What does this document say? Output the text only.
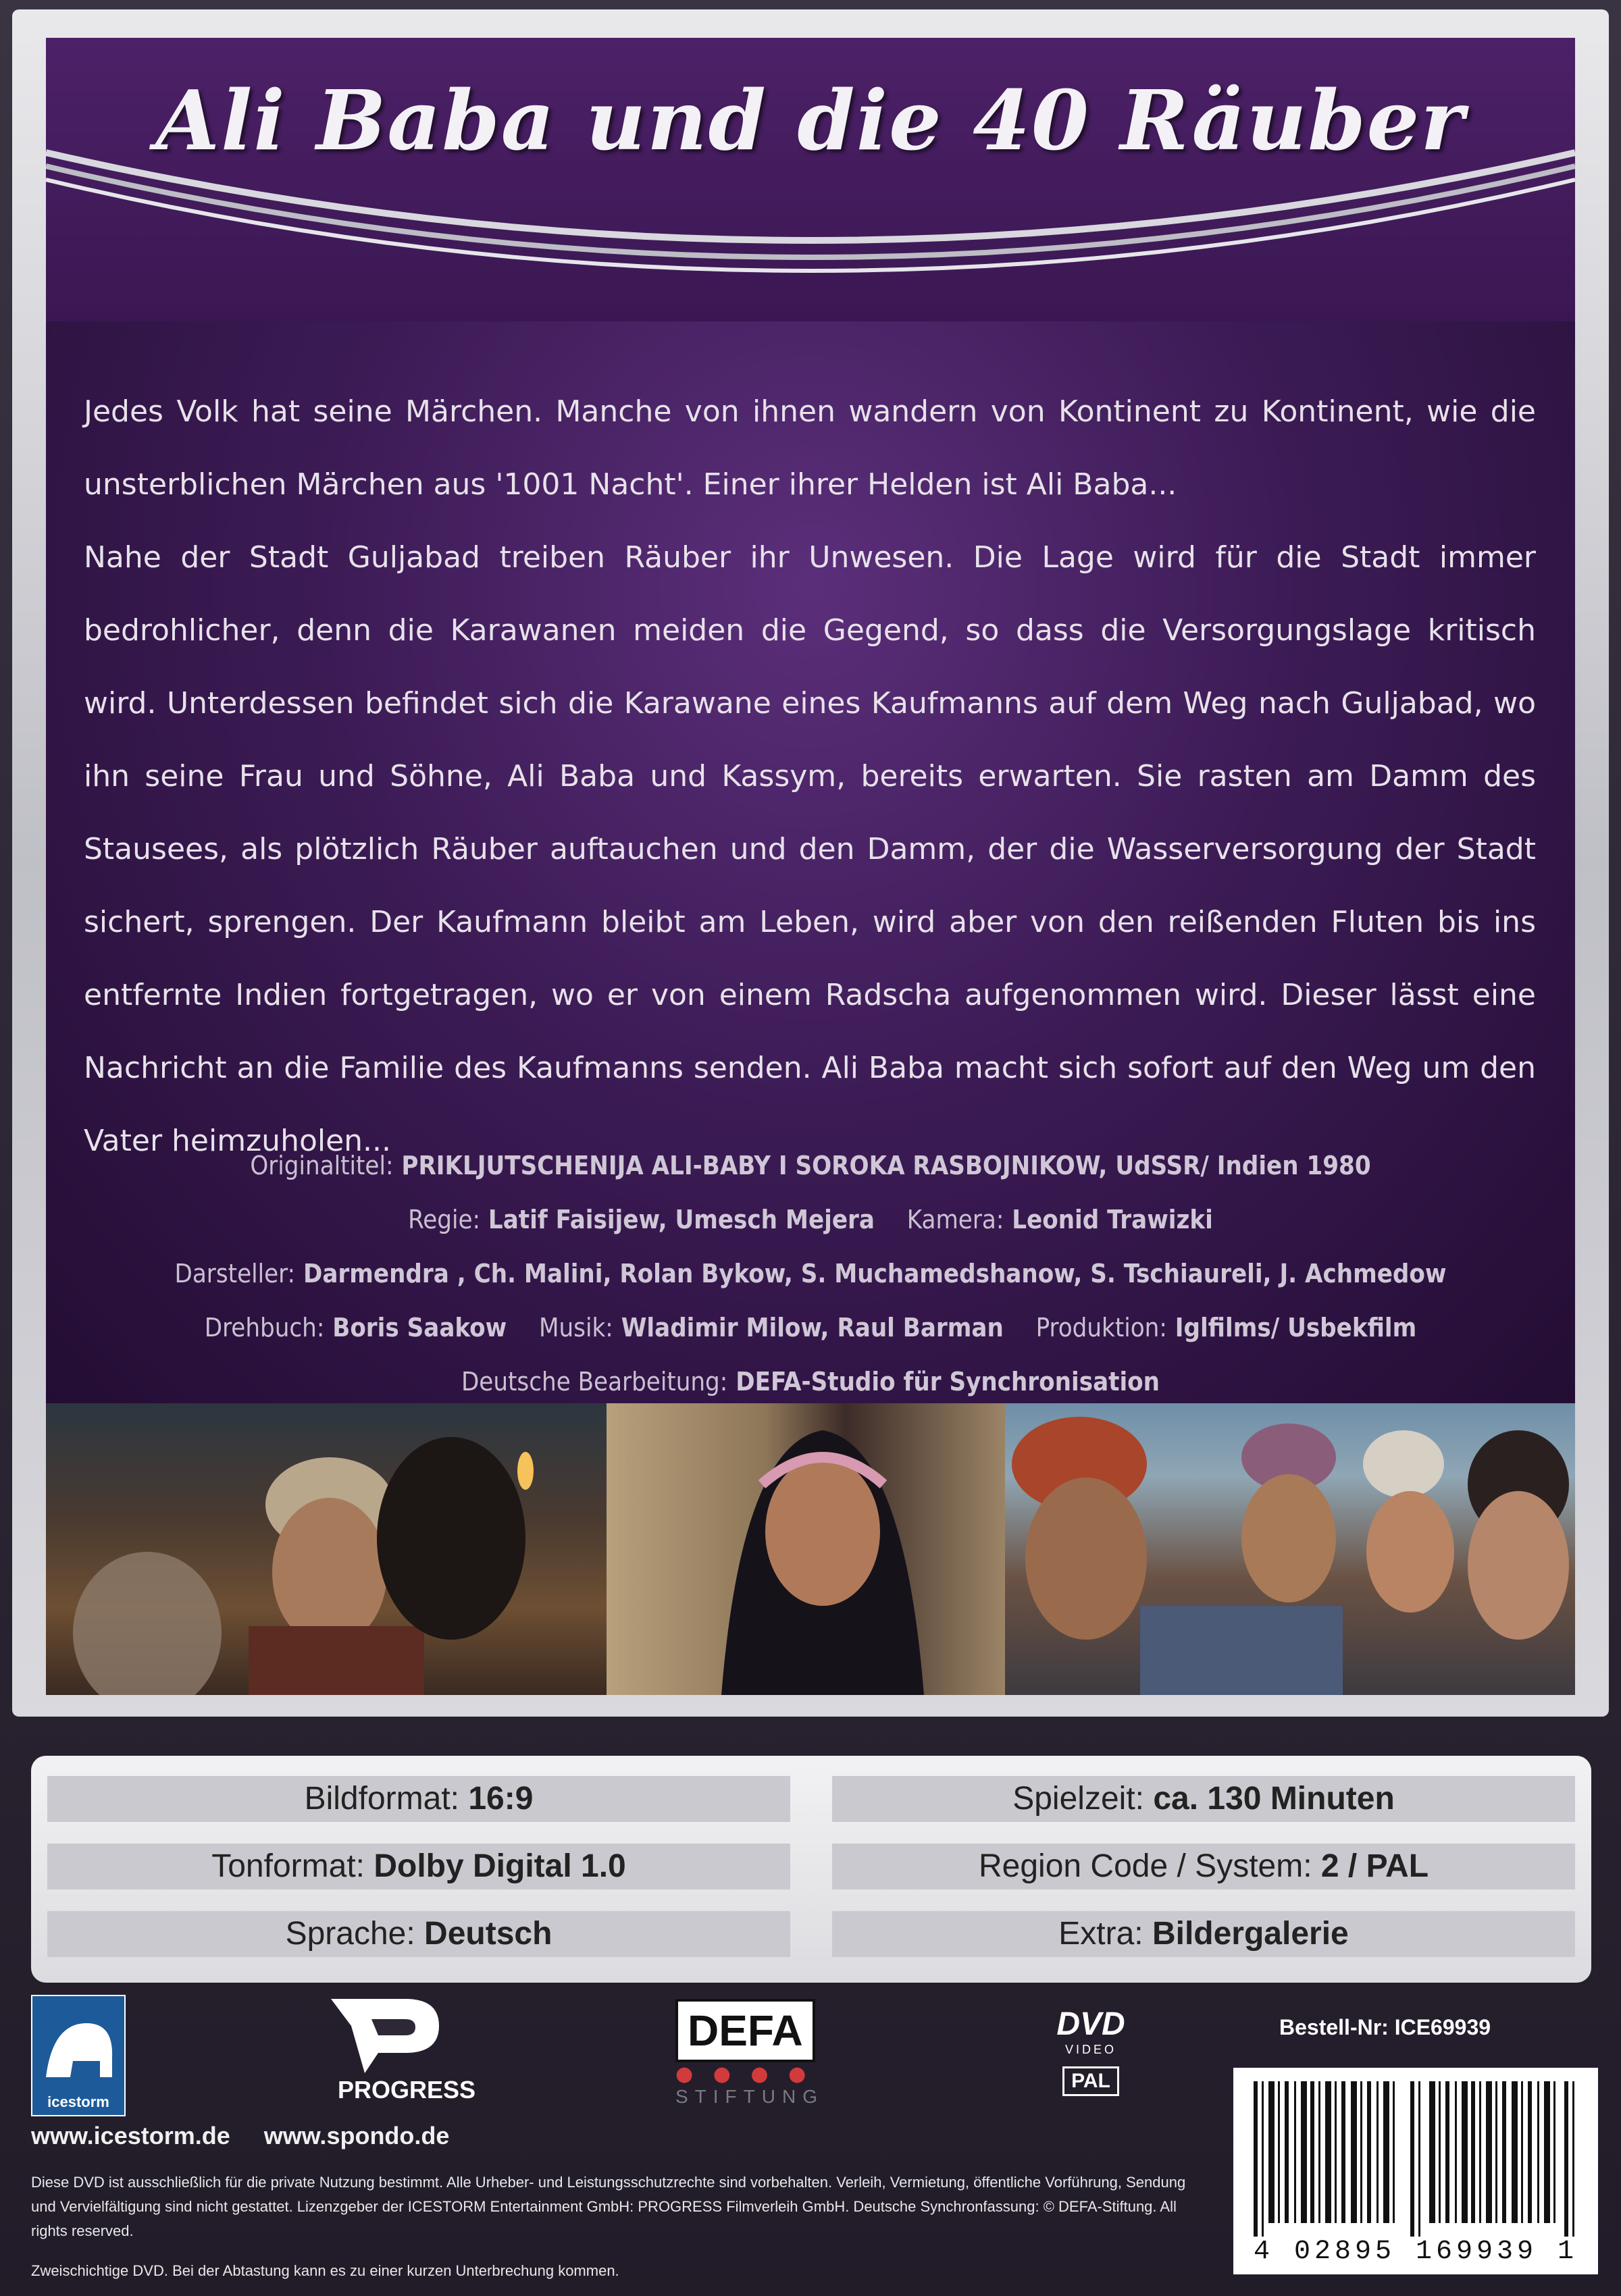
Ali Baba und die 40 Räuber

Jedes Volk hat seine Märchen. Manche von ihnen wandern von Kontinent zu Kontinent, wie die unsterblichen Märchen aus '1001 Nacht'. Einer ihrer Helden ist Ali Baba...

Nahe der Stadt Guljabad treiben Räuber ihr Unwesen. Die Lage wird für die Stadt immer bedrohlicher, denn die Karawanen meiden die Gegend, so dass die Versorgungslage kritisch wird. Unterdessen befindet sich die Karawane eines Kaufmanns auf dem Weg nach Guljabad, wo ihn seine Frau und Söhne, Ali Baba und Kassym, bereits erwarten. Sie rasten am Damm des Stausees, als plötzlich Räuber auftauchen und den Damm, der die Wasserversorgung der Stadt sichert, sprengen. Der Kaufmann bleibt am Leben, wird aber von den reißenden Fluten bis ins entfernte Indien fortgetragen, wo er von einem Radscha aufgenommen wird. Dieser lässt eine Nachricht an die Familie des Kaufmanns senden. Ali Baba macht sich sofort auf den Weg um den Vater heimzuholen...

Originaltitel: PRIKLJUTSCHENIJA ALI-BABY I SOROKA RASBOJNIKOW, UdSSR/ Indien 1980
Regie: Latif Faisijew, Umesch Mejera Kamera: Leonid Trawizki
Darsteller: Darmendra , Ch. Malini, Rolan Bykow, S. Muchamedshanow, S. Tschiaureli, J. Achmedow
Drehbuch: Boris Saakow Musik: Wladimir Milow, Raul Barman Produktion: Iglfilms/ Usbekfilm
Deutsche Bearbeitung: DEFA-Studio für Synchronisation
Bildformat: 16:9	Spielzeit: ca. 130 Minuten
Tonformat: Dolby Digital 1.0	Region Code / System: 2 / PAL
Sprache: Deutsch	Extra: Bildergalerie
icestorm	PROGRESS
DEFA
● ● ● ●
STIFTUNG
DVD
VIDEO
PAL
Bestell-Nr: ICE69939
4 02895 169939 1
www.icestorm.de www.spondo.de
Diese DVD ist ausschließlich für die private Nutzung bestimmt. Alle Urheber- und Leistungsschutzrechte sind vorbehalten. Verleih, Vermietung, öffentliche Vorführung, Sendung und Vervielfältigung sind nicht gestattet. Lizenzgeber der ICESTORM Entertainment GmbH: PROGRESS Filmverleih GmbH. Deutsche Synchronfassung: © DEFA-Stiftung. All rights reserved.
Zweischichtige DVD. Bei der Abtastung kann es zu einer kurzen Unterbrechung kommen.
